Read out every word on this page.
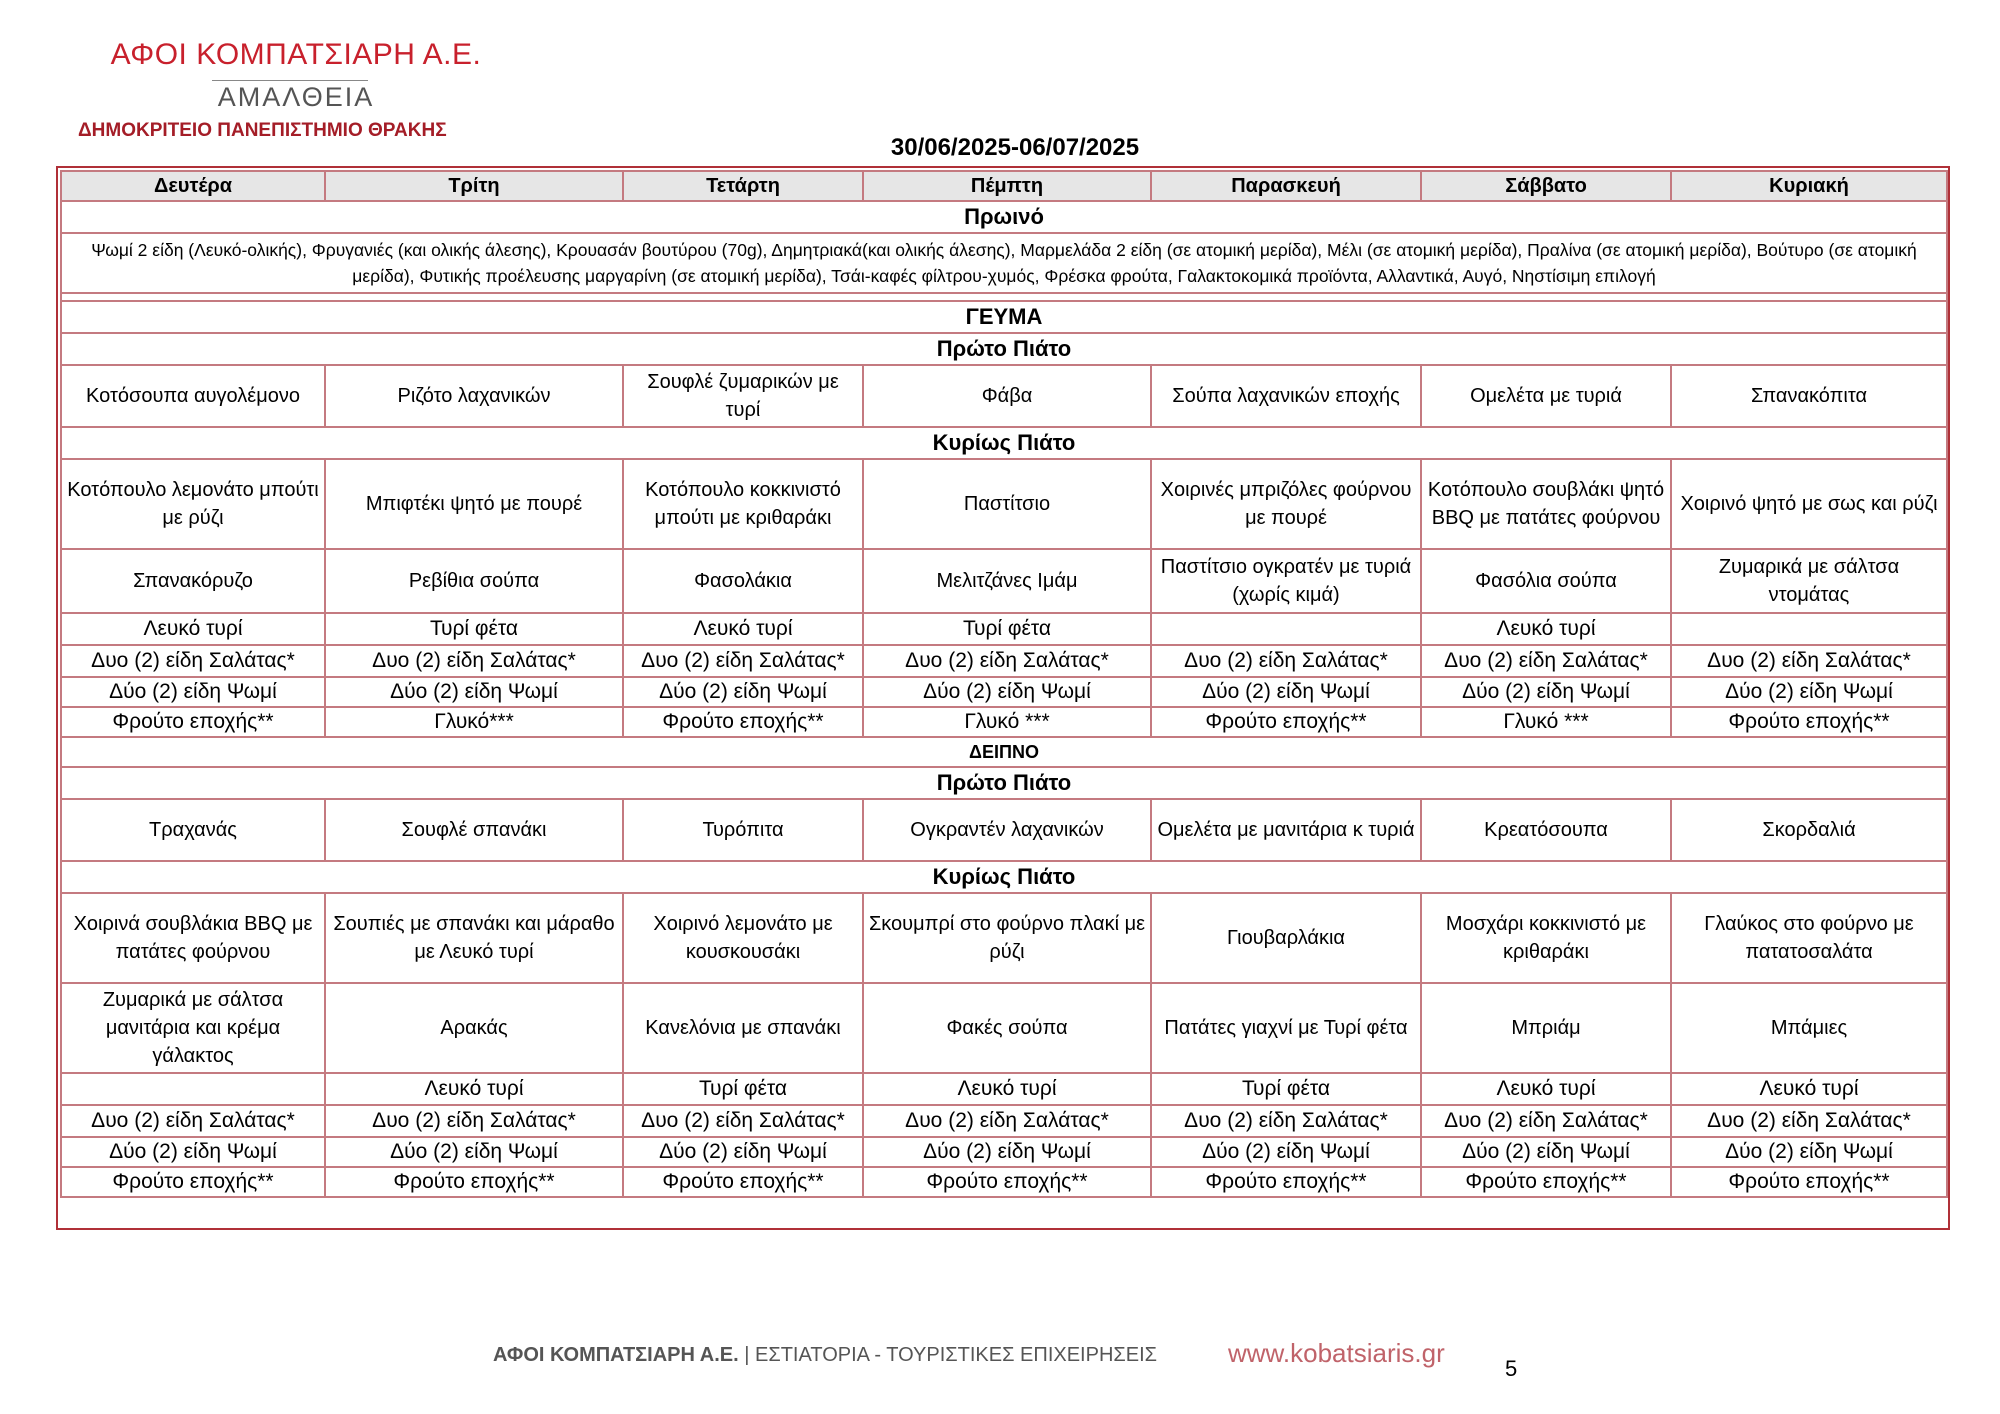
ΑΦΟΙ ΚΟΜΠΑΤΣΙΑΡΗ Α.Ε.
ΑΜΑΛΘΕΙΑ
ΔΗΜΟΚΡΙΤΕΙΟ ΠΑΝΕΠΙΣΤΗΜΙΟ ΘΡΑΚΗΣ
30/06/2025-06/07/2025
Δευτέρα	Τρίτη	Τετάρτη	Πέμπτη	Παρασκευή	Σάββατο	Κυριακή
Πρωινό						
Ψωμί 2 είδη (Λευκό-ολικής), Φρυγανιές (και ολικής άλεσης), Κρουασάν βουτύρου (70g), Δημητριακά(και ολικής άλεσης), Μαρμελάδα 2 είδη (σε ατομική μερίδα), Μέλι (σε ατομική μερίδα), Πραλίνα (σε ατομική μερίδα), Βούτυρο (σε ατομική μερίδα), Φυτικής προέλευσης μαργαρίνη (σε ατομική μερίδα), Τσάι-καφές φίλτρου-χυμός, Φρέσκα φρούτα, Γαλακτοκομικά προϊόντα, Αλλαντικά, Αυγό, Νηστίσιμη επιλογή						

ΓΕΥΜΑ						
Πρώτο Πιάτο						
Κοτόσουπα αυγολέμονο	Ριζότο λαχανικών	Σουφλέ ζυμαρικών με τυρί	Φάβα	Σούπα λαχανικών εποχής	Ομελέτα με τυριά	Σπανακόπιτα
Κυρίως Πιάτο						
Κοτόπουλο λεμονάτο μπούτι με ρύζι	Μπιφτέκι ψητό με πουρέ	Κοτόπουλο κοκκινιστό μπούτι με κριθαράκι	Παστίτσιο	Χοιρινές μπριζόλες φούρνου με πουρέ	Κοτόπουλο σουβλάκι ψητό BBQ με πατάτες φούρνου	Χοιρινό ψητό με σως και ρύζι
Σπανακόρυζο	Ρεβίθια σούπα	Φασολάκια	Μελιτζάνες Ιμάμ	Παστίτσιο ογκρατέν με τυριά (χωρίς κιμά)	Φασόλια σούπα	Ζυμαρικά με σάλτσα ντομάτας
Λευκό τυρί	Τυρί φέτα	Λευκό τυρί	Τυρί φέτα		Λευκό τυρί	
Δυο (2) είδη Σαλάτας*	Δυο (2) είδη Σαλάτας*	Δυο (2) είδη Σαλάτας*	Δυο (2) είδη Σαλάτας*	Δυο (2) είδη Σαλάτας*	Δυο (2) είδη Σαλάτας*	Δυο (2) είδη Σαλάτας*
Δύο (2) είδη Ψωμί	Δύο (2) είδη Ψωμί	Δύο (2) είδη Ψωμί	Δύο (2) είδη Ψωμί	Δύο (2) είδη Ψωμί	Δύο (2) είδη Ψωμί	Δύο (2) είδη Ψωμί
Φρούτο εποχής**	Γλυκό***	Φρούτο εποχής**	Γλυκό ***	Φρούτο εποχής**	Γλυκό ***	Φρούτο εποχής**
ΔΕΙΠΝΟ						
Πρώτο Πιάτο						
Τραχανάς	Σουφλέ σπανάκι	Τυρόπιτα	Ογκραντέν λαχανικών	Ομελέτα με μανιτάρια κ τυριά	Κρεατόσουπα	Σκορδαλιά
Κυρίως Πιάτο						
Χοιρινά σουβλάκια BBQ με πατάτες φούρνου	Σουπιές με σπανάκι και μάραθο με Λευκό τυρί	Χοιρινό λεμονάτο με κουσκουσάκι	Σκουμπρί στο φούρνο πλακί με ρύζι	Γιουβαρλάκια	Μοσχάρι κοκκινιστό με κριθαράκι	Γλαύκος στο φούρνο με πατατοσαλάτα
Ζυμαρικά με σάλτσα μανιτάρια και κρέμα γάλακτος	Αρακάς	Κανελόνια με σπανάκι	Φακές σούπα	Πατάτες γιαχνί με Τυρί φέτα	Μπριάμ	Μπάμιες
	Λευκό τυρί	Τυρί φέτα	Λευκό τυρί	Τυρί φέτα	Λευκό τυρί	Λευκό τυρί
Δυο (2) είδη Σαλάτας*	Δυο (2) είδη Σαλάτας*	Δυο (2) είδη Σαλάτας*	Δυο (2) είδη Σαλάτας*	Δυο (2) είδη Σαλάτας*	Δυο (2) είδη Σαλάτας*	Δυο (2) είδη Σαλάτας*
Δύο (2) είδη Ψωμί	Δύο (2) είδη Ψωμί	Δύο (2) είδη Ψωμί	Δύο (2) είδη Ψωμί	Δύο (2) είδη Ψωμί	Δύο (2) είδη Ψωμί	Δύο (2) είδη Ψωμί
Φρούτο εποχής**	Φρούτο εποχής**	Φρούτο εποχής**	Φρούτο εποχής**	Φρούτο εποχής**	Φρούτο εποχής**	Φρούτο εποχής**
ΑΦΟΙ ΚΟΜΠΑΤΣΙΑΡΗ Α.Ε. | ΕΣΤΙΑΤΟΡΙΑ - ΤΟΥΡΙΣΤΙΚΕΣ ΕΠΙΧΕΙΡΗΣΕΙΣ	www.kobatsiaris.gr
5
